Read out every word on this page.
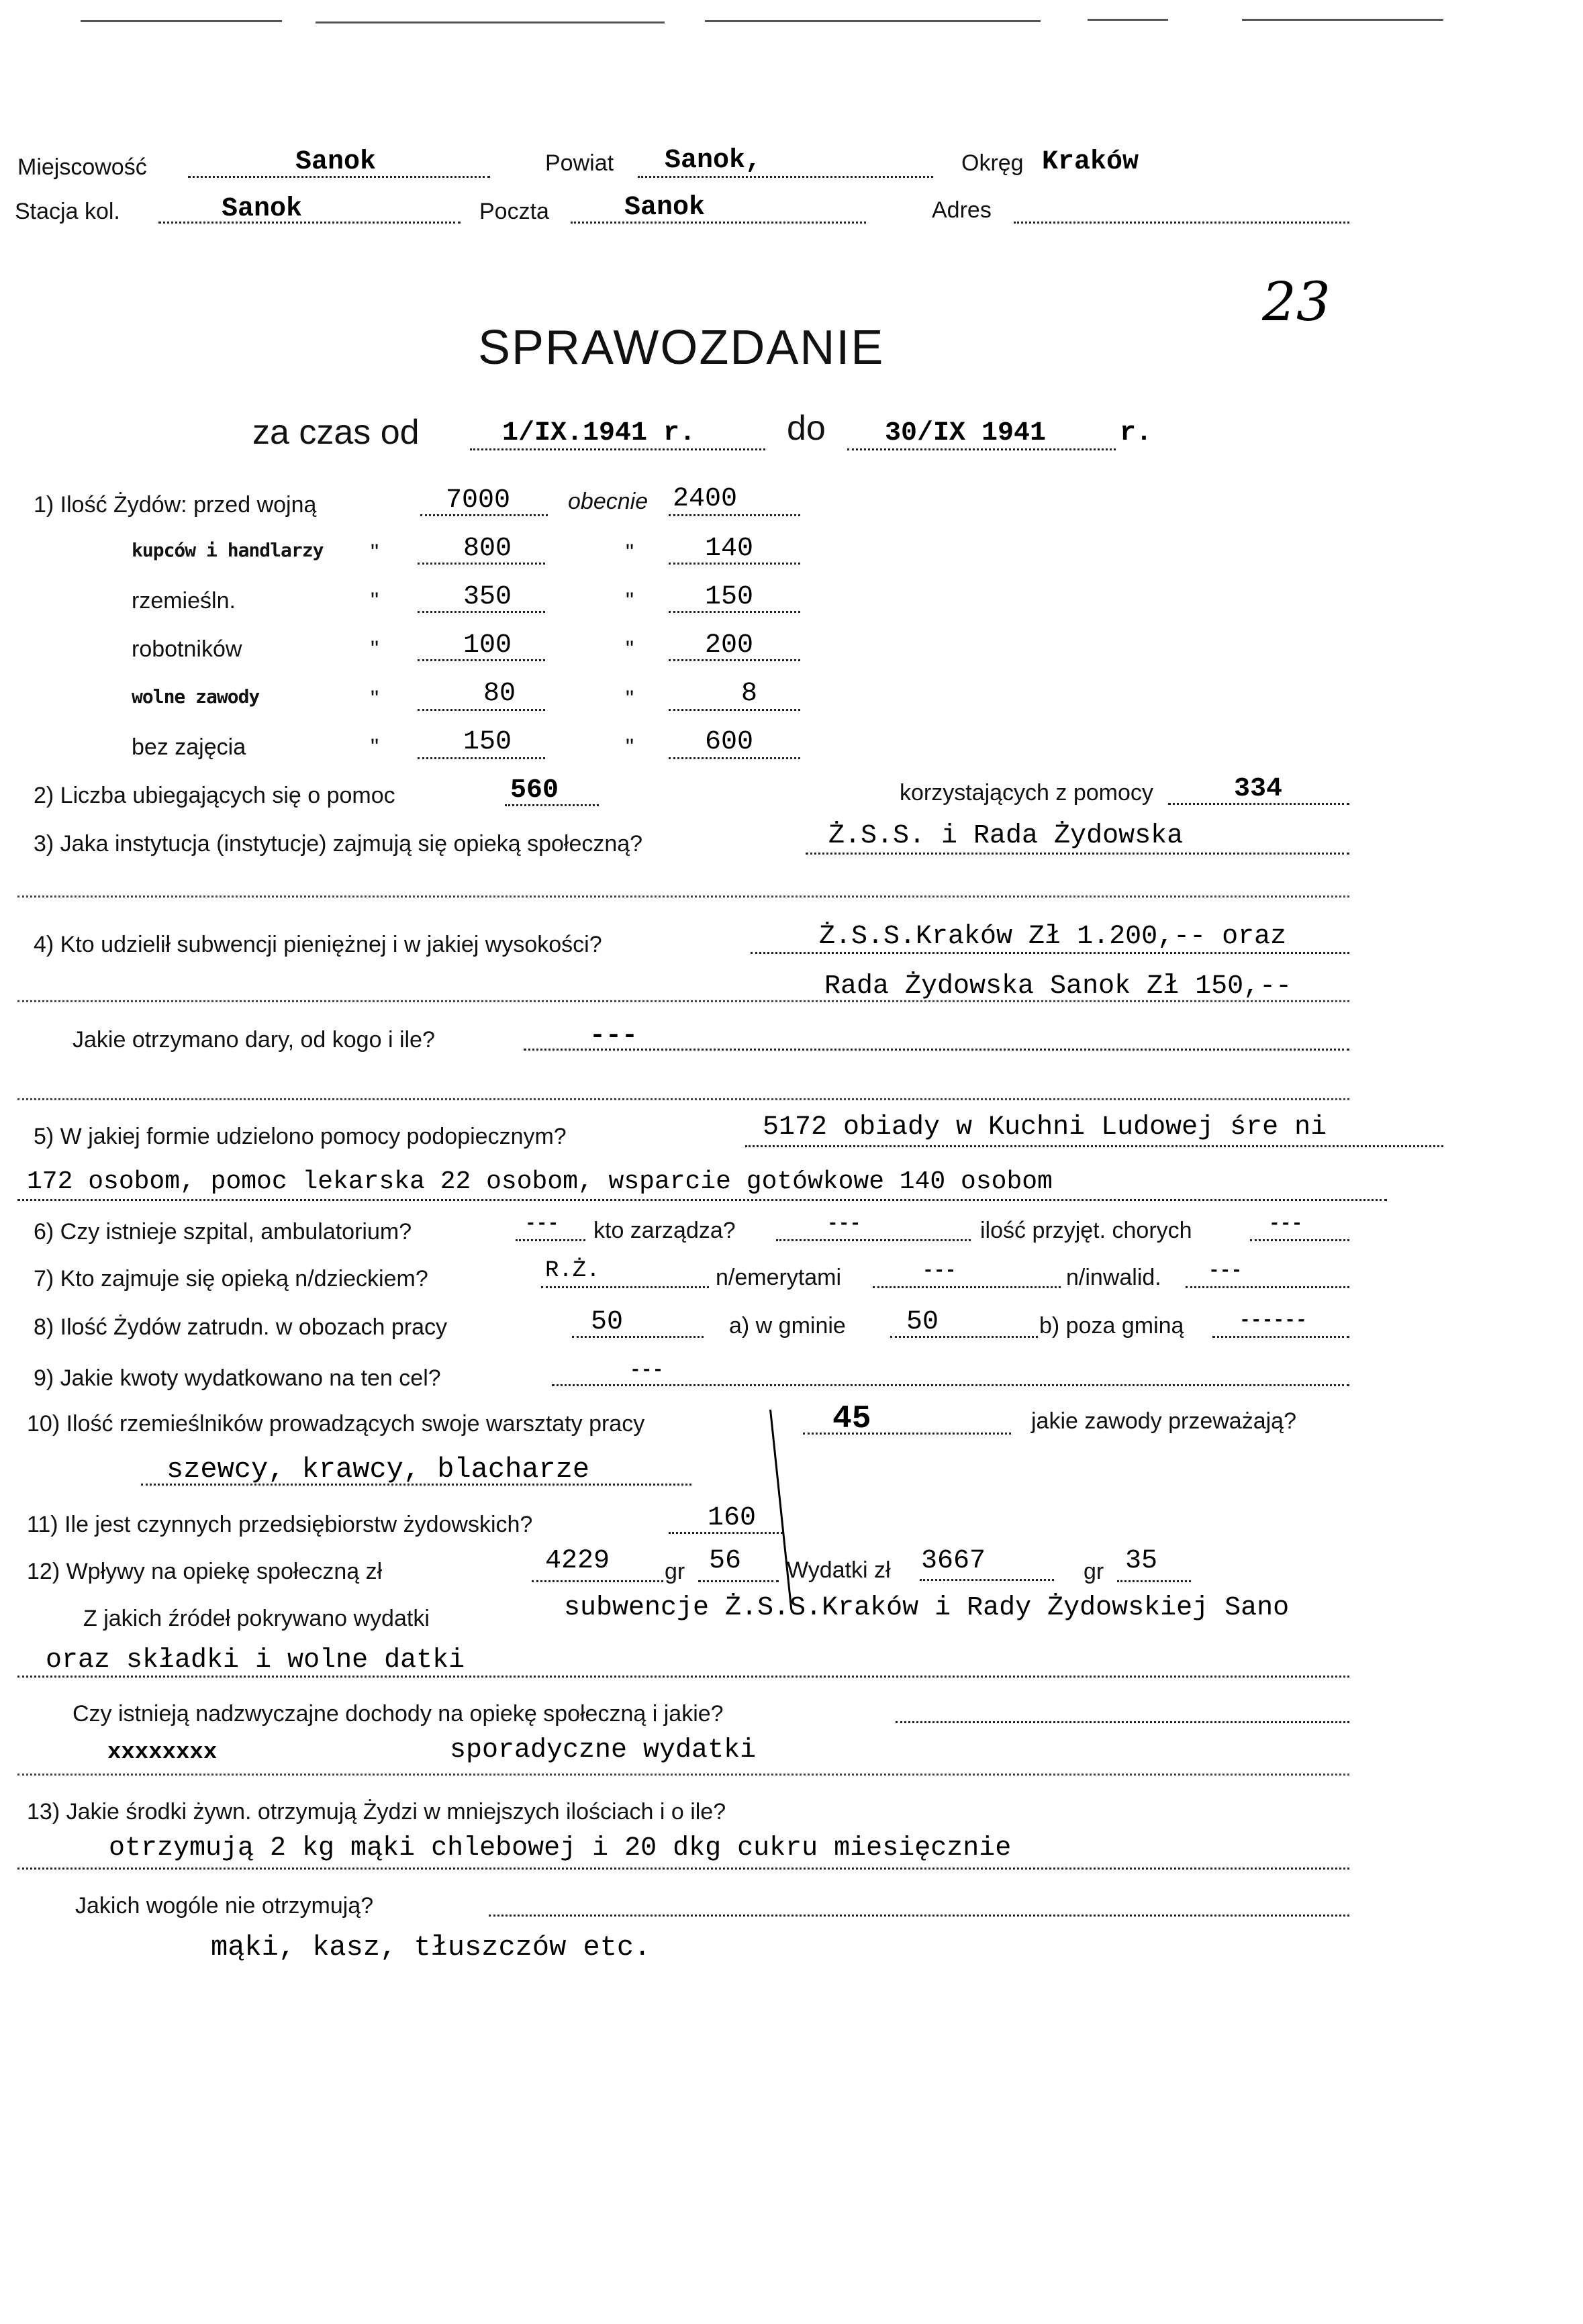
Miejscowość	Sanok	Powiat Sanok,	Okręg Kraków
Stacja kol.	Sanok	Poczta	Sanok	Adres
23
SPRAWOZDANIE
za czas od	1/IX.1941 r.	do 30/IX 1941	r.
1) Ilość Żydów: przed wojną	7000	obecnie 2400
kupców i handlarzy "	800	"	140
rzemieśln.	"	350	"	150
robotników	"	100	"	200
wolne zawody	"	80	"	8
bez zajęcia	"	150	"	600
2) Liczba ubiegających się o pomoc	560	korzystających z pomocy	334
3) Jaka instytucja (instytucje) zajmują się opieką społeczną?	Ż.S.S. i Rada Żydowska
4) Kto udzielił subwencji pieniężnej i w jakiej wysokości?	Ż.S.S.Kraków Zł 1.200,-- oraz
Rada Żydowska Sanok Zł 150,--
Jakie otrzymano dary, od kogo i ile?	---
5) W jakiej formie udzielono pomocy podopiecznym?	5172 obiady w Kuchni Ludowej śre ni
172 osobom, pomoc lekarska 22 osobom, wsparcie gotówkowe 140 osobom
6) Czy istnieje szpital, ambulatorium?	--- kto zarządza?	---	ilość przyjęt. chorych	---
7) Kto zajmuje się opieką n/dzieckiem?	R.Ż.	n/emerytami	---	n/inwalid.	---
8) Ilość Żydów zatrudn. w obozach pracy	50	a) w gminie 50	b) poza gminą	------
9) Jakie kwoty wydatkowano na ten cel?	---
10) Ilość rzemieślników prowadzących swoje warsztaty pracy	45	jakie zawody przeważają?
szewcy, krawcy, blacharze
11) Ile jest czynnych przedsiębiorstw żydowskich?	160
12) Wpływy na opiekę społeczną zł	4229 gr 56 Wydatki zł 3667	gr 35
Z jakich źródeł pokrywano wydatki	subwencje Ż.S.S.Kraków i Rady Żydowskiej Sano
oraz składki i wolne datki
Czy istnieją nadzwyczajne dochody na opiekę społeczną i jakie?
xxxxxxxx	sporadyczne wydatki
13) Jakie środki żywn. otrzymują Żydzi w mniejszych ilościach i o ile?
otrzymują 2 kg mąki chlebowej i 20 dkg cukru miesięcznie
Jakich wogóle nie otrzymują?
mąki, kasz, tłuszczów etc.
